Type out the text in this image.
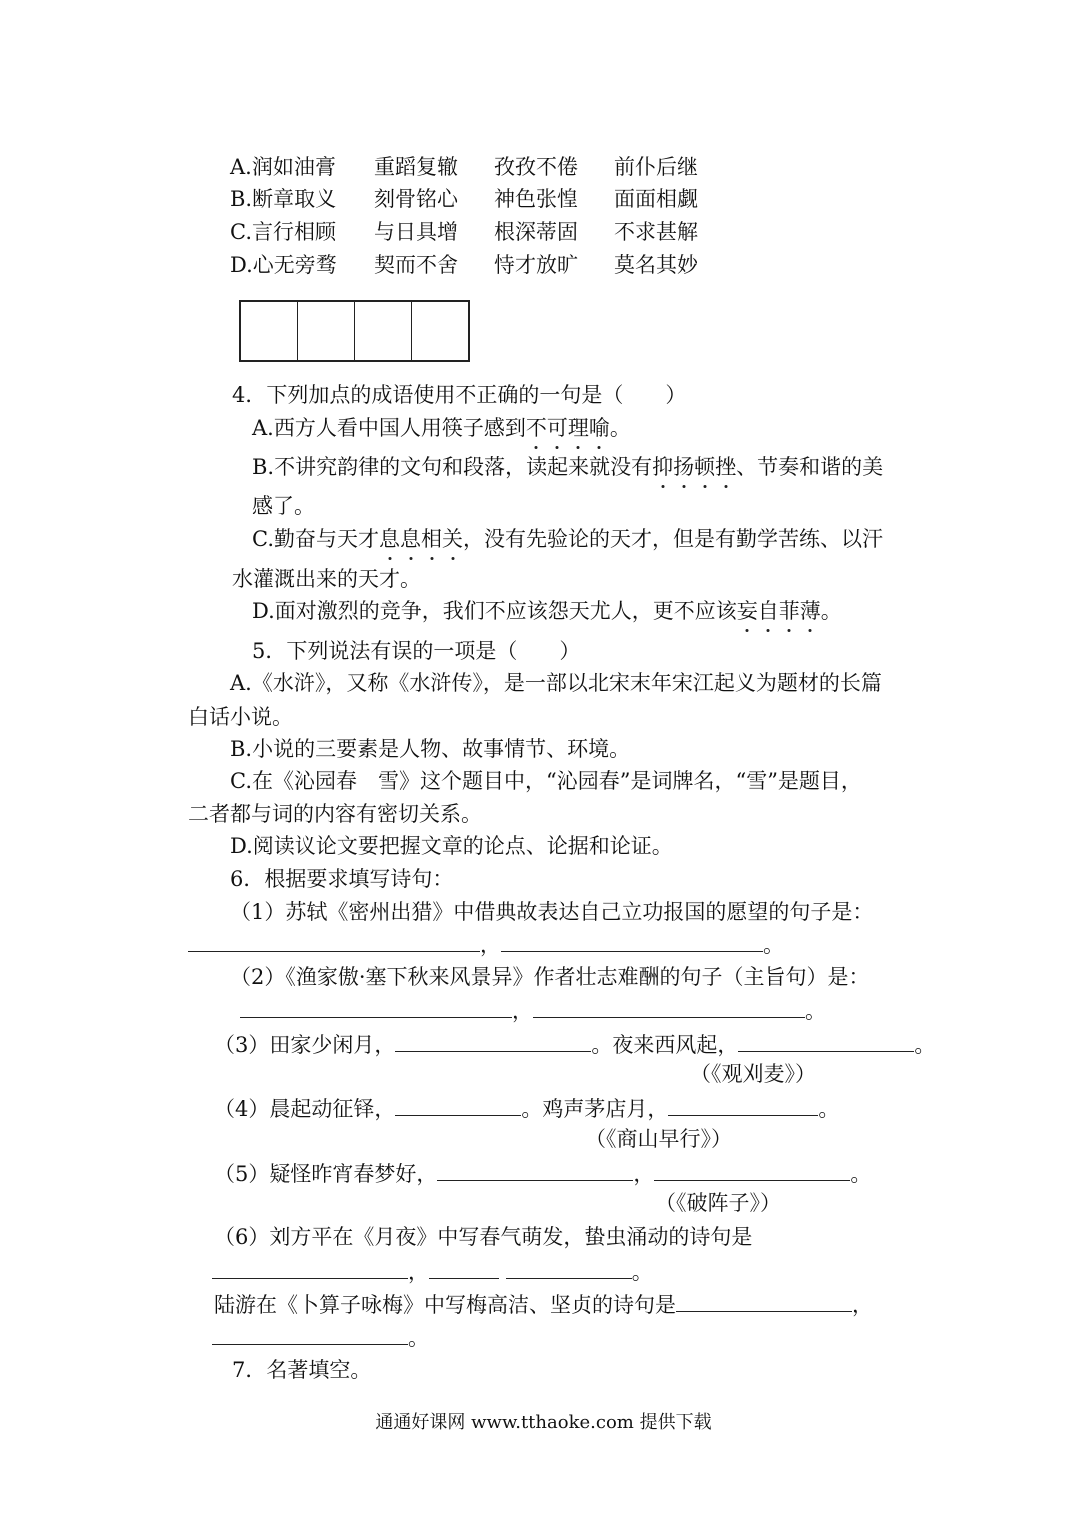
4．下列加点的成语使用不正确的一句是（　　）
A.西方人看中国人用筷子感到不可理喻。
B.不讲究韵律的文句和段落，读起来就没有抑扬顿挫、节奏和谐的美
感了。
C.勤奋与天才息息相关，没有先验论的天才，但是有勤学苦练、以汗
水灌溉出来的天才。
D.面对激烈的竞争，我们不应该怨天尤人，更不应该妄自菲薄。
5．下列说法有误的一项是（　　）
A.《水浒》，又称《水浒传》，是一部以北宋末年宋江起义为题材的长篇
白话小说。
B.小说的三要素是人物、故事情节、环境。
C.在《沁园春　雪》这个题目中，“沁园春”是词牌名，“雪”是题目，
二者都与词的内容有密切关系。
D.阅读议论文要把握文章的论点、论据和论证。
6．根据要求填写诗句：
（1）苏轼《密州出猎》中借典故表达自己立功报国的愿望的句子是：
，	。
（2）《渔家傲·塞下秋来风景异》作者壮志难酬的句子（主旨句）是：
，	。
（3）田家少闲月，	。夜来西风起，	。
（《观刈麦》）
（4）晨起动征铎，	。鸡声茅店月，	。
（《商山早行》）
（5）疑怪昨宵春梦好，	，	。
（《破阵子》）
（6）刘方平在《月夜》中写春气萌发，蛰虫涌动的诗句是
，	。
陆游在《卜算子咏梅》中写梅高洁、坚贞的诗句是	，
。
7．名著填空。
通通好课网 www.tthaoke.com 提供下载
A.润如油膏 重蹈复辙 孜孜不倦 前仆后继
B.断章取义 刻骨铭心 神色张惶 面面相觑
C.言行相顾 与日具增 根深蒂固 不求甚解
D.心无旁骛 契而不舍 恃才放旷 莫名其妙
